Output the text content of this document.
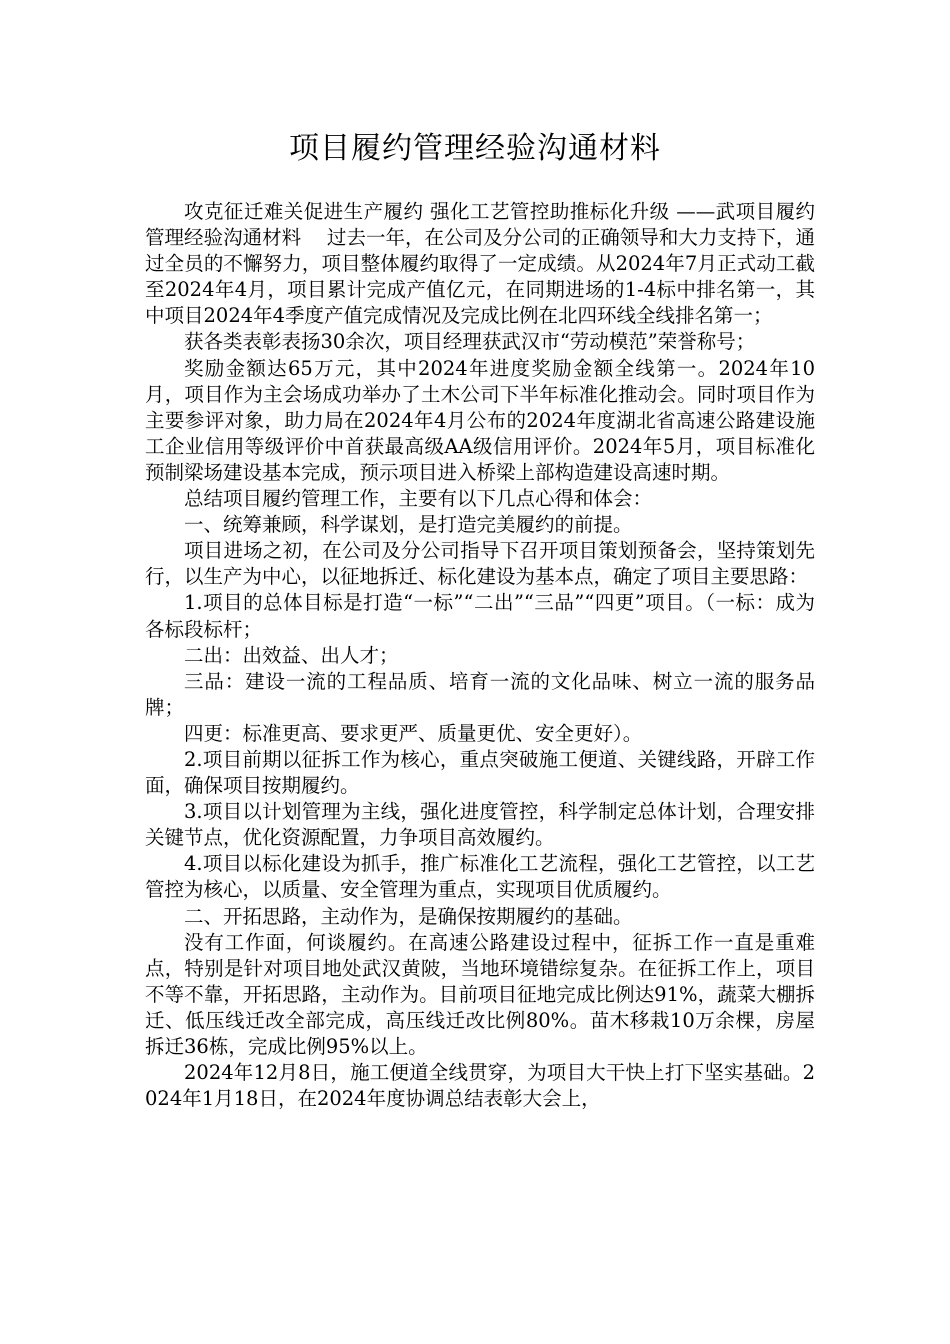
项目履约管理经验沟通材料

攻克征迁难关促进生产履约 强化工艺管控助推标化升级 ——武项目履约管理经验沟通材料　 过去一年，在公司及分公司的正确领导和大力支持下，通过全员的不懈努力，项目整体履约取得了一定成绩。从2024年7月正式动工截至2024年4月，项目累计完成产值亿元，在同期进场的1-4标中排名第一，其中项目2024年4季度产值完成情况及完成比例在北四环线全线排名第一；

获各类表彰表扬30余次，项目经理获武汉市“劳动模范”荣誉称号；

奖励金额达65万元，其中2024年进度奖励金额全线第一。2024年10月，项目作为主会场成功举办了土木公司下半年标准化推动会。同时项目作为主要参评对象，助力局在2024年4月公布的2024年度湖北省高速公路建设施工企业信用等级评价中首获最高级AA级信用评价。2024年5月，项目标准化预制梁场建设基本完成，预示项目进入桥梁上部构造建设高速时期。

总结项目履约管理工作，主要有以下几点心得和体会：

一、统筹兼顾，科学谋划，是打造完美履约的前提。

项目进场之初，在公司及分公司指导下召开项目策划预备会，坚持策划先行，以生产为中心，以征地拆迁、标化建设为基本点，确定了项目主要思路：

1.项目的总体目标是打造“一标”“二出”“三品”“四更”项目。（一标：成为各标段标杆；

二出：出效益、出人才；

三品：建设一流的工程品质、培育一流的文化品味、树立一流的服务品牌；

四更：标准更高、要求更严、质量更优、安全更好）。

2.项目前期以征拆工作为核心，重点突破施工便道、关键线路，开辟工作面，确保项目按期履约。

3.项目以计划管理为主线，强化进度管控，科学制定总体计划，合理安排关键节点，优化资源配置，力争项目高效履约。

4.项目以标化建设为抓手，推广标准化工艺流程，强化工艺管控，以工艺管控为核心，以质量、安全管理为重点，实现项目优质履约。

二、开拓思路，主动作为，是确保按期履约的基础。

没有工作面，何谈履约。在高速公路建设过程中，征拆工作一直是重难点，特别是针对项目地处武汉黄陂，当地环境错综复杂。在征拆工作上，项目不等不靠，开拓思路，主动作为。目前项目征地完成比例达91%，蔬菜大棚拆迁、低压线迁改全部完成，高压线迁改比例80%。苗木移栽10万余棵，房屋拆迁36栋，完成比例95%以上。

2024年12月8日，施工便道全线贯穿，为项目大干快上打下坚实基础。2024年1月18日，在2024年度协调总结表彰大会上，
